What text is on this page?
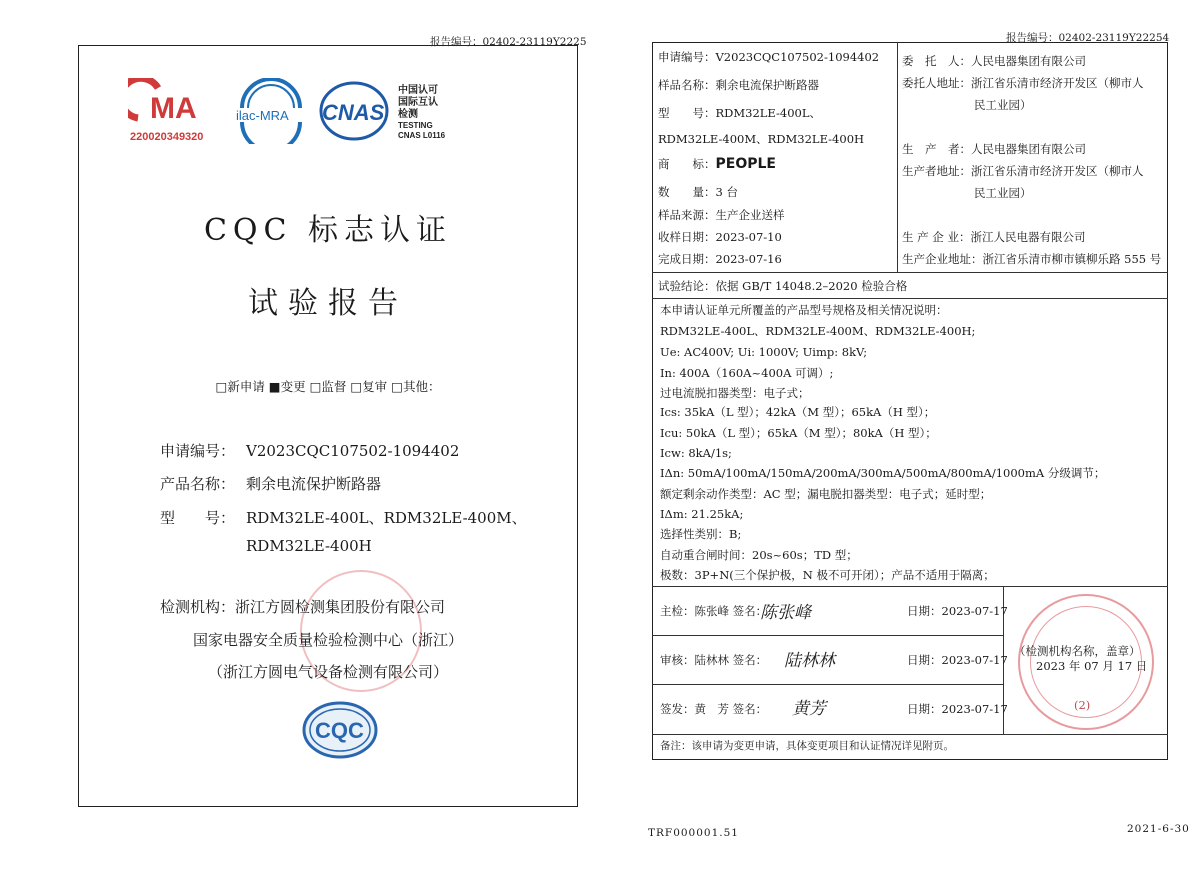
报告编号：02402-23119Y2225
MA
220020349320
ilac-MRA CNAS
中国认可
国际互认
检测
TESTING
CNAS L0116
CQC 标志认证
试验报告
□新申请 ■变更 □监督 □复审 □其他：
申请编号： V2023CQC107502-1094402
产品名称： 剩余电流保护断路器
型　　号： RDM32LE-400L、RDM32LE-400M、
RDM32LE-400H
检测机构：浙江方圆检测集团股份有限公司
国家电器安全质量检验检测中心（浙江）
（浙江方圆电气设备检测有限公司）
CQC
报告编号：02402-23119Y22254
申请编号：V2023CQC107502-1094402
样品名称：剩余电流保护断路器
型　　号：RDM32LE-400L、
RDM32LE-400M、RDM32LE-400H
商　　标：PEOPLE
数　　量：3 台
样品来源：生产企业送样
收样日期：2023-07-10
完成日期：2023-07-16
委　托　人：人民电器集团有限公司
委托人地址：浙江省乐清市经济开发区（柳市人
民工业园）
生　产　者：人民电器集团有限公司
生产者地址：浙江省乐清市经济开发区（柳市人
民工业园）
生 产 企 业：浙江人民电器有限公司
生产企业地址：浙江省乐清市柳市镇柳乐路 555 号
试验结论：依据 GB/T 14048.2–2020 检验合格
本申请认证单元所覆盖的产品型号规格及相关情况说明：
RDM32LE-400L、RDM32LE-400M、RDM32LE-400H;
Ue: AC400V; Ui: 1000V; Uimp: 8kV;
In: 400A（160A~400A 可调）;
过电流脱扣器类型：电子式；
Ics: 35kA（L 型）；42kA（M 型）；65kA（H 型）；
Icu: 50kA（L 型）；65kA（M 型）；80kA（H 型）；
Icw: 8kA/1s;
IΔn: 50mA/100mA/150mA/200mA/300mA/500mA/800mA/1000mA 分级调节；
额定剩余动作类型：AC 型；漏电脱扣器类型：电子式；延时型；
IΔm: 21.25kA;
选择性类别：B;
自动重合闸时间：20s~60s；TD 型；
极数：3P+N(三个保护极，N 极不可开闭）；产品不适用于隔离；
主检：陈张峰 签名：
陈张峰	日期：2023-07-17
审核：陆林林 签名： 陆林林	日期：2023-07-17
签发：黄　芳 签名： 黄芳	日期：2023-07-17
（检测机构名称，盖章）
2023 年 07 月 17 日
(2)
备注：该申请为变更申请，具体变更项目和认证情况详见附页。
TRF000001.51	2021-6-30
